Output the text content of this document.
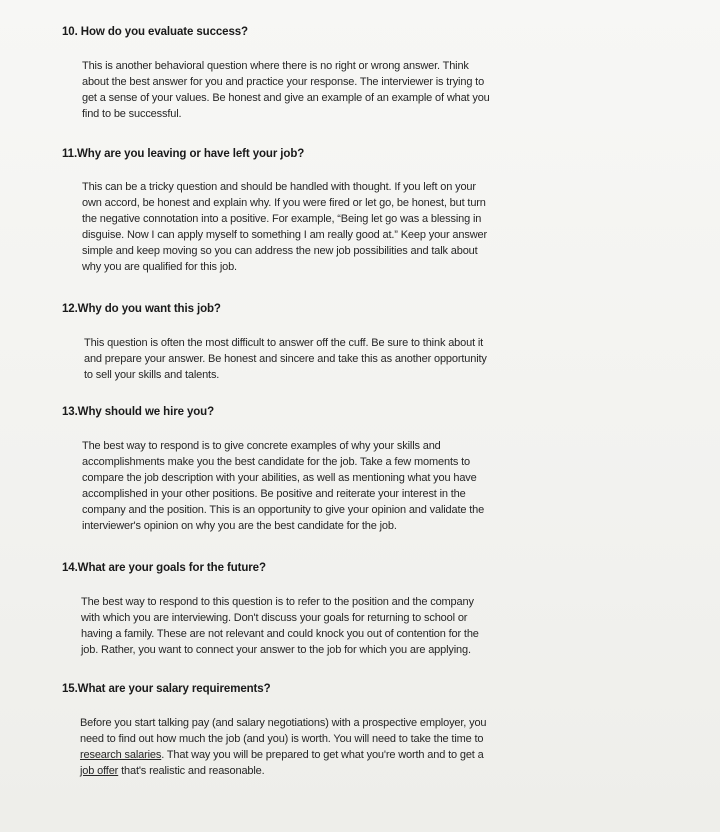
10. How do you evaluate success?
This is another behavioral question where there is no right or wrong answer. Think
about the best answer for you and practice your response. The interviewer is trying to
get a sense of your values. Be honest and give an example of an example of what you
find to be successful.
11.Why are you leaving or have left your job?
This can be a tricky question and should be handled with thought. If you left on your
own accord, be honest and explain why. If you were fired or let go, be honest, but turn
the negative connotation into a positive. For example, “Being let go was a blessing in
disguise. Now I can apply myself to something I am really good at.” Keep your answer
simple and keep moving so you can address the new job possibilities and talk about
why you are qualified for this job.
12.Why do you want this job?
This question is often the most difficult to answer off the cuff. Be sure to think about it
and prepare your answer. Be honest and sincere and take this as another opportunity
to sell your skills and talents.
13.Why should we hire you?
The best way to respond is to give concrete examples of why your skills and
accomplishments make you the best candidate for the job. Take a few moments to
compare the job description with your abilities, as well as mentioning what you have
accomplished in your other positions. Be positive and reiterate your interest in the
company and the position. This is an opportunity to give your opinion and validate the
interviewer's opinion on why you are the best candidate for the job.
14.What are your goals for the future?
The best way to respond to this question is to refer to the position and the company
with which you are interviewing. Don't discuss your goals for returning to school or
having a family. These are not relevant and could knock you out of contention for the
job. Rather, you want to connect your answer to the job for which you are applying.
15.What are your salary requirements?
Before you start talking pay (and salary negotiations) with a prospective employer, you
need to find out how much the job (and you) is worth. You will need to take the time to
research salaries. That way you will be prepared to get what you're worth and to get a
job offer that's realistic and reasonable.
